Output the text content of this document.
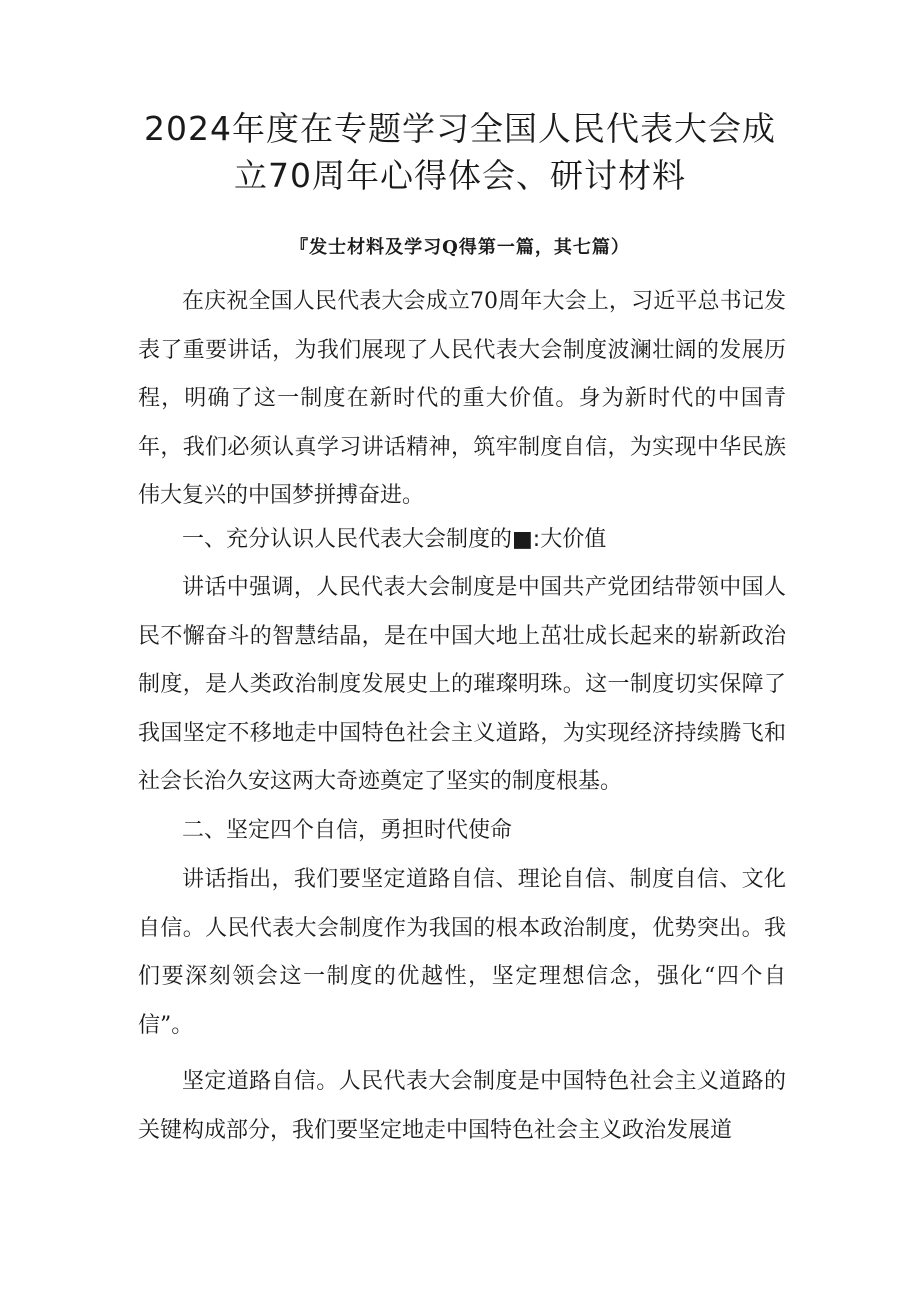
2024年度在专题学习全国人民代表大会成
立70周年心得体会、研讨材料

『发士材料及学习Q得第一篇，其七篇）

在庆祝全国人民代表大会成立70周年大会上，习近平总书记发表了重要讲话，为我们展现了人民代表大会制度波澜壮阔的发展历程，明确了这一制度在新时代的重大价值。身为新时代的中国青年，我们必须认真学习讲话精神，筑牢制度自信，为实现中华民族伟大复兴的中国梦拼搏奋进。

一、充分认识人民代表大会制度的■:大价值

讲话中强调，人民代表大会制度是中国共产党团结带领中国人民不懈奋斗的智慧结晶，是在中国大地上茁壮成长起来的崭新政治制度，是人类政治制度发展史上的璀璨明珠。这一制度切实保障了我国坚定不移地走中国特色社会主义道路，为实现经济持续腾飞和社会长治久安这两大奇迹奠定了坚实的制度根基。

二、坚定四个自信，勇担时代使命

讲话指出，我们要坚定道路自信、理论自信、制度自信、文化自信。人民代表大会制度作为我国的根本政治制度，优势突出。我们要深刻领会这一制度的优越性，坚定理想信念，强化“四个自信”。

坚定道路自信。人民代表大会制度是中国特色社会主义道路的关键构成部分，我们要坚定地走中国特色社会主义政治发展道
